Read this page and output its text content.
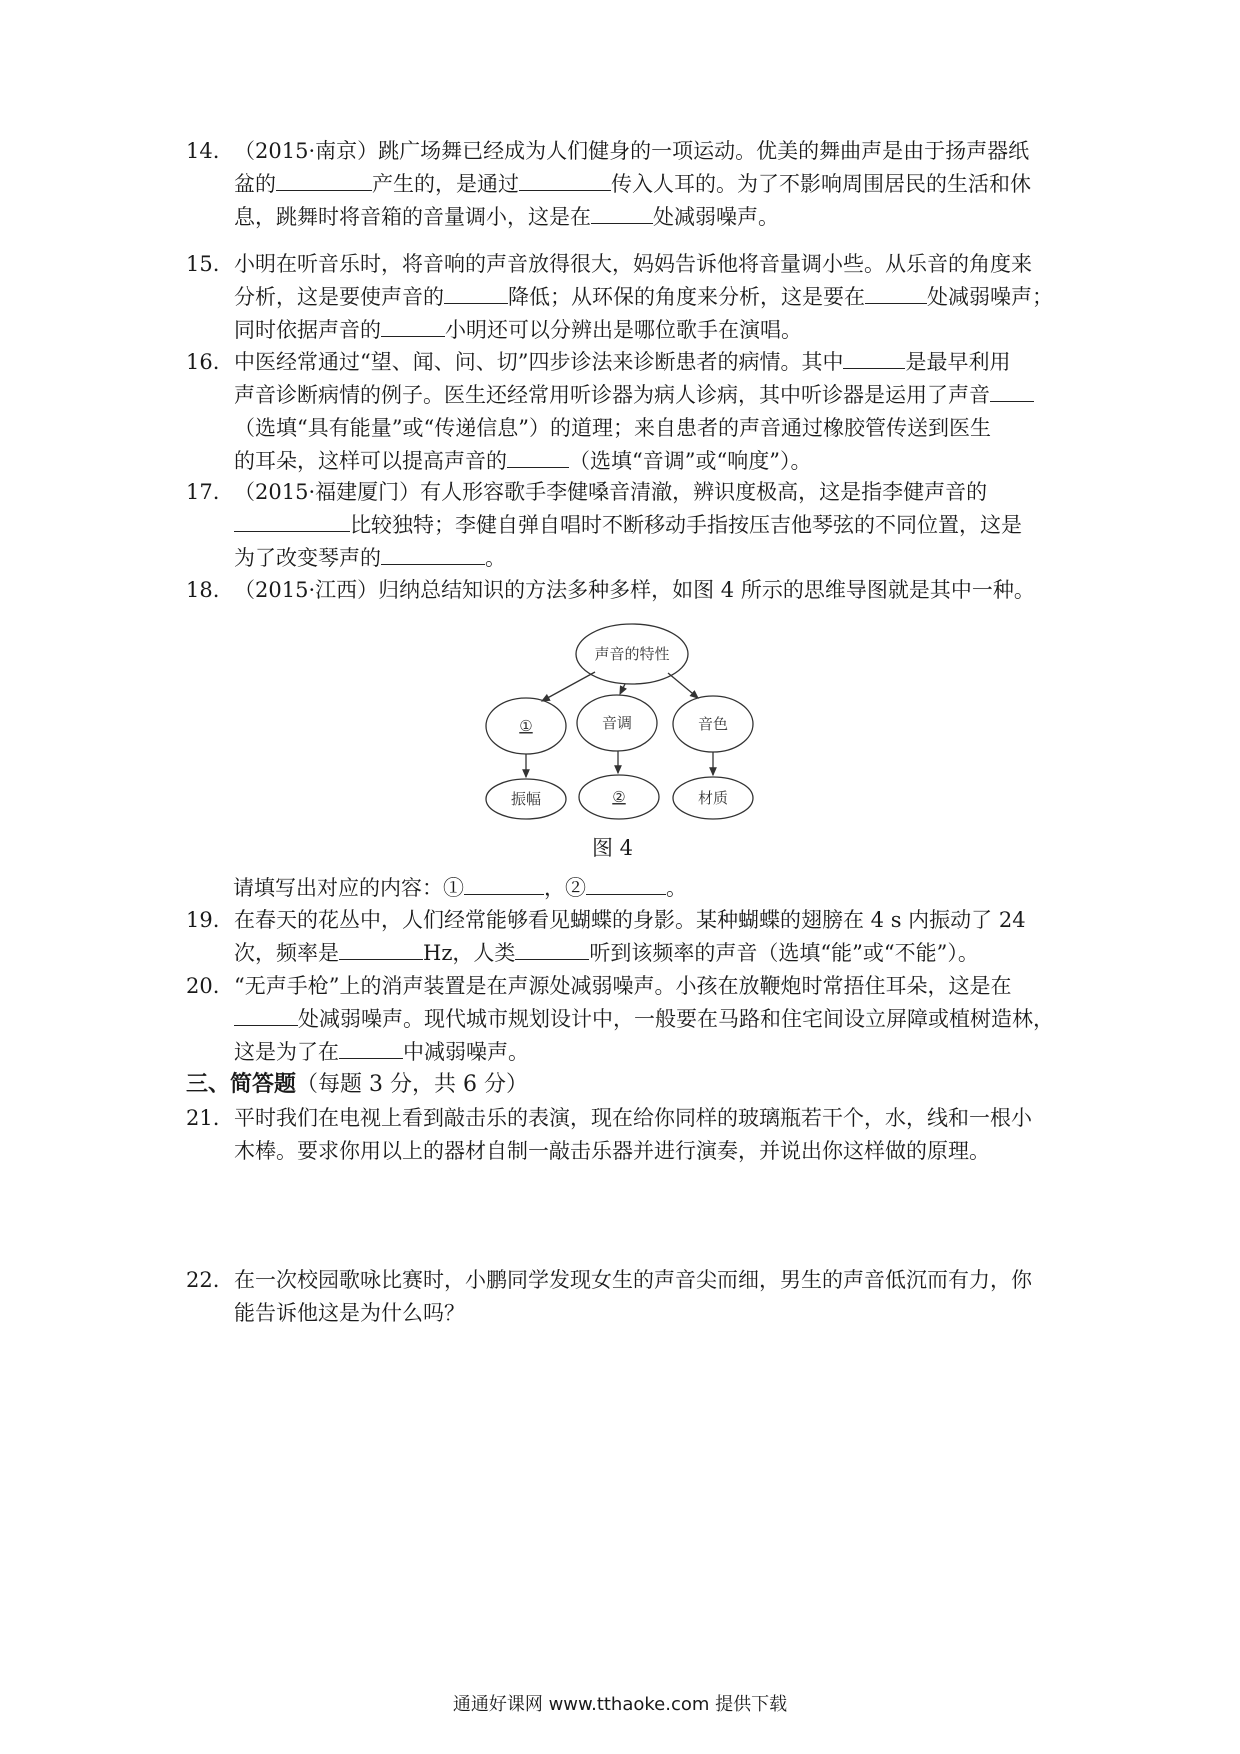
14. （2015·南京）跳广场舞已经成为人们健身的一项运动。优美的舞曲声是由于扬声器纸
盆的	产生的，是通过	传入人耳的。为了不影响周围居民的生活和休
息，跳舞时将音箱的音量调小，这是在	处减弱噪声。
15. 小明在听音乐时，将音响的声音放得很大，妈妈告诉他将音量调小些。从乐音的角度来
分析，这是要使声音的	降低；从环保的角度来分析，这是要在	处减弱噪声；
同时依据声音的	小明还可以分辨出是哪位歌手在演唱。
16. 中医经常通过“望、闻、问、切”四步诊法来诊断患者的病情。其中	是最早利用
声音诊断病情的例子。医生还经常用听诊器为病人诊病，其中听诊器是运用了声音
（选填“具有能量”或“传递信息”）的道理；来自患者的声音通过橡胶管传送到医生
的耳朵，这样可以提高声音的	（选填“音调”或“响度”）。
17. （2015·福建厦门）有人形容歌手李健嗓音清澈，辨识度极高，这是指李健声音的
比较独特；李健自弹自唱时不断移动手指按压吉他琴弦的不同位置，这是
为了改变琴声的	。
18. （2015·江西）归纳总结知识的方法多种多样，如图 4 所示的思维导图就是其中一种。
声音的特性
①	音调	音色
振幅	②	材质
图 4
请填写出对应的内容：①	，②	。
19. 在春天的花丛中，人们经常能够看见蝴蝶的身影。某种蝴蝶的翅膀在 4 s 内振动了 24
次，频率是	Hz，人类	听到该频率的声音（选填“能”或“不能”）。
20. “无声手枪”上的消声装置是在声源处减弱噪声。小孩在放鞭炮时常捂住耳朵，这是在
处减弱噪声。现代城市规划设计中，一般要在马路和住宅间设立屏障或植树造林，
这是为了在	中减弱噪声。
三、简答题（每题 3 分，共 6 分）
21. 平时我们在电视上看到敲击乐的表演，现在给你同样的玻璃瓶若干个，水，线和一根小
木棒。要求你用以上的器材自制一敲击乐器并进行演奏，并说出你这样做的原理。
22. 在一次校园歌咏比赛时，小鹏同学发现女生的声音尖而细，男生的声音低沉而有力，你
能告诉他这是为什么吗？
通通好课网 www.tthaoke.com 提供下载
